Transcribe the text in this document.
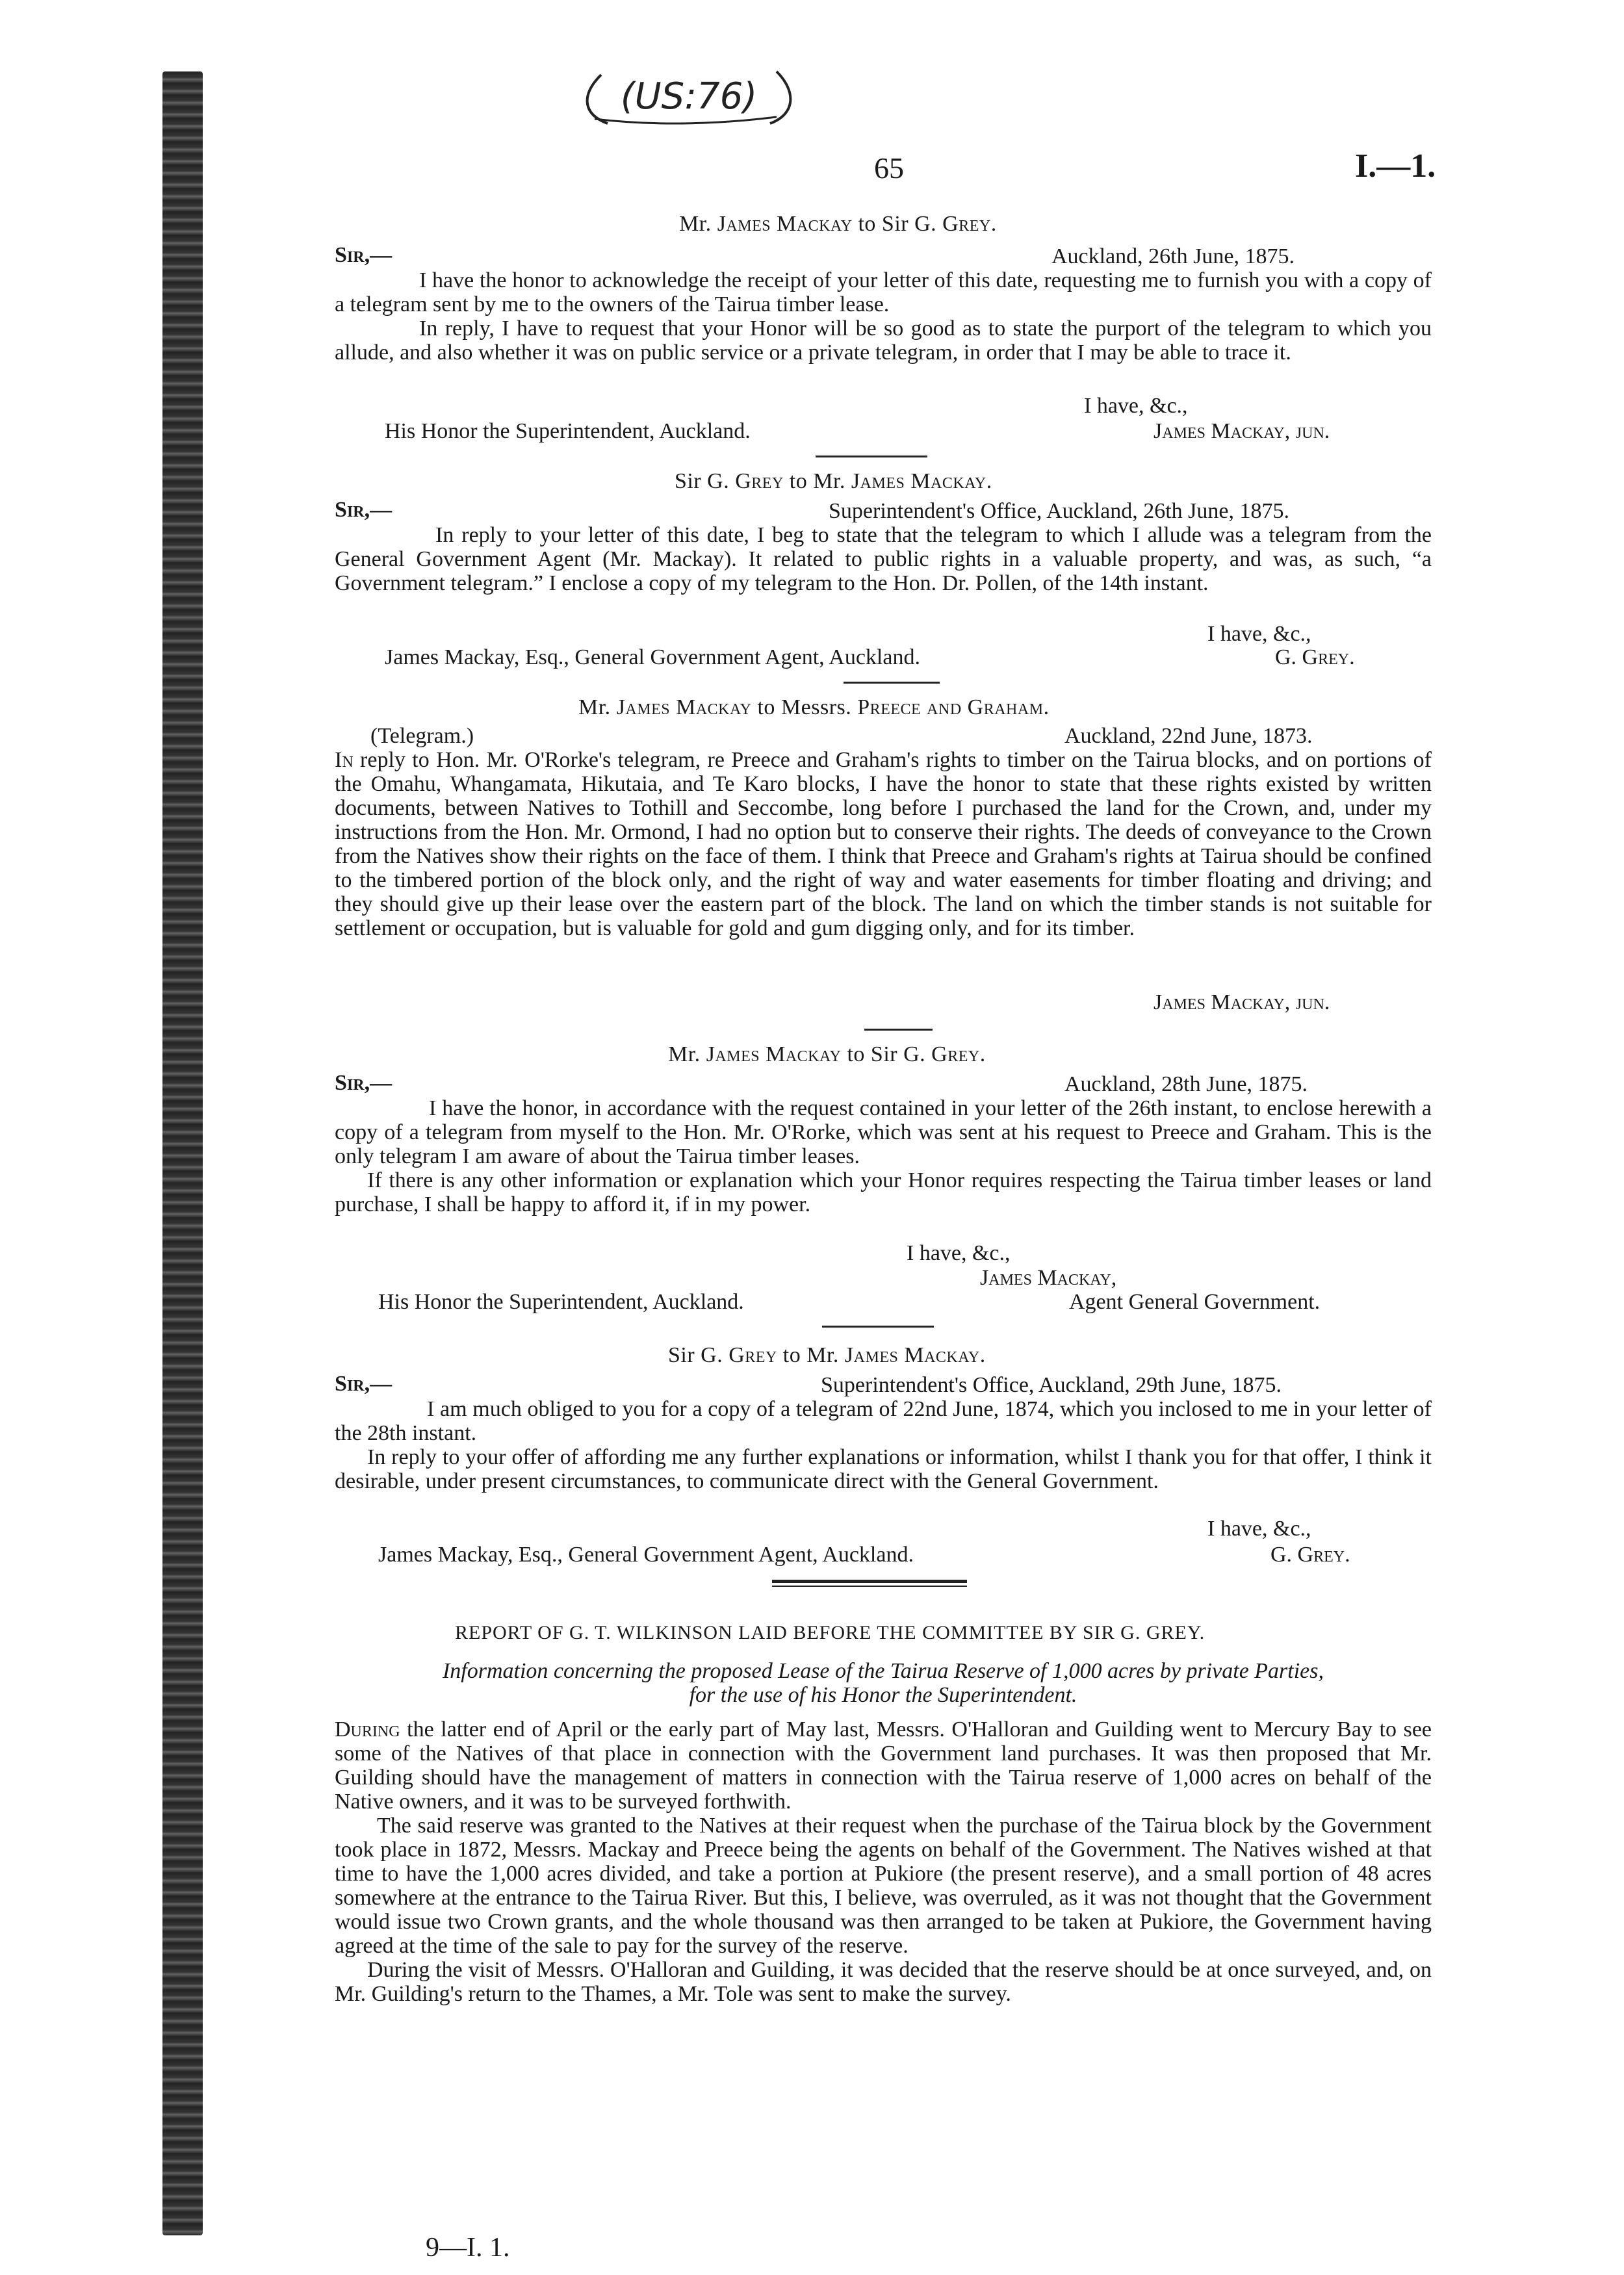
(US:76)
65	I.—1.
Mr. James Mackay to Sir G. Grey.
Sir,—	Auckland, 26th June, 1875.

I have the honor to acknowledge the receipt of your letter of this date, requesting me to furnish you with a copy of a telegram sent by me to the owners of the Tairua timber lease.

In reply, I have to request that your Honor will be so good as to state the purport of the telegram to which you allude, and also whether it was on public service or a private telegram, in order that I may be able to trace it.

I have, &c.,
His Honor the Superintendent, Auckland.	James Mackay, jun.
Sir G. Grey to Mr. James Mackay.
Sir,—	Superintendent's Office, Auckland, 26th June, 1875.

In reply to your letter of this date, I beg to state that the telegram to which I allude was a telegram from the General Government Agent (Mr. Mackay). It related to public rights in a valuable property, and was, as such, “a Government telegram.” I enclose a copy of my telegram to the Hon. Dr. Pollen, of the 14th instant.

I have, &c.,
James Mackay, Esq., General Government Agent, Auckland.	G. Grey.
Mr. James Mackay to Messrs. Preece and Graham.
(Telegram.)	Auckland, 22nd June, 1873.

In reply to Hon. Mr. O'Rorke's telegram, re Preece and Graham's rights to timber on the Tairua blocks, and on portions of the Omahu, Whangamata, Hikutaia, and Te Karo blocks, I have the honor to state that these rights existed by written documents, between Natives to Tothill and Seccombe, long before I purchased the land for the Crown, and, under my instructions from the Hon. Mr. Ormond, I had no option but to conserve their rights. The deeds of conveyance to the Crown from the Natives show their rights on the face of them. I think that Preece and Graham's rights at Tairua should be confined to the timbered portion of the block only, and the right of way and water easements for timber floating and driving; and they should give up their lease over the eastern part of the block. The land on which the timber stands is not suitable for settlement or occupation, but is valuable for gold and gum digging only, and for its timber.

James Mackay, jun.
Mr. James Mackay to Sir G. Grey.
Sir,—	Auckland, 28th June, 1875.

I have the honor, in accordance with the request contained in your letter of the 26th instant, to enclose herewith a copy of a telegram from myself to the Hon. Mr. O'Rorke, which was sent at his request to Preece and Graham. This is the only telegram I am aware of about the Tairua timber leases.

If there is any other information or explanation which your Honor requires respecting the Tairua timber leases or land purchase, I shall be happy to afford it, if in my power.

I have, &c.,
James Mackay,
His Honor the Superintendent, Auckland.	Agent General Government.
Sir G. Grey to Mr. James Mackay.
Sir,—	Superintendent's Office, Auckland, 29th June, 1875.

I am much obliged to you for a copy of a telegram of 22nd June, 1874, which you inclosed to me in your letter of the 28th instant.

In reply to your offer of affording me any further explanations or information, whilst I thank you for that offer, I think it desirable, under present circumstances, to communicate direct with the General Government.

I have, &c.,
James Mackay, Esq., General Government Agent, Auckland.	G. Grey.
REPORT OF G. T. WILKINSON LAID BEFORE THE COMMITTEE BY SIR G. GREY.
Information concerning the proposed Lease of the Tairua Reserve of 1,000 acres by private Parties,
for the use of his Honor the Superintendent.

During the latter end of April or the early part of May last, Messrs. O'Halloran and Guilding went to Mercury Bay to see some of the Natives of that place in connection with the Government land purchases. It was then proposed that Mr. Guilding should have the management of matters in connection with the Tairua reserve of 1,000 acres on behalf of the Native owners, and it was to be surveyed forthwith.

The said reserve was granted to the Natives at their request when the purchase of the Tairua block by the Government took place in 1872, Messrs. Mackay and Preece being the agents on behalf of the Government. The Natives wished at that time to have the 1,000 acres divided, and take a portion at Pukiore (the present reserve), and a small portion of 48 acres somewhere at the entrance to the Tairua River. But this, I believe, was overruled, as it was not thought that the Government would issue two Crown grants, and the whole thousand was then arranged to be taken at Pukiore, the Government having agreed at the time of the sale to pay for the survey of the reserve.

During the visit of Messrs. O'Halloran and Guilding, it was decided that the reserve should be at once surveyed, and, on Mr. Guilding's return to the Thames, a Mr. Tole was sent to make the survey.

9—I. 1.
